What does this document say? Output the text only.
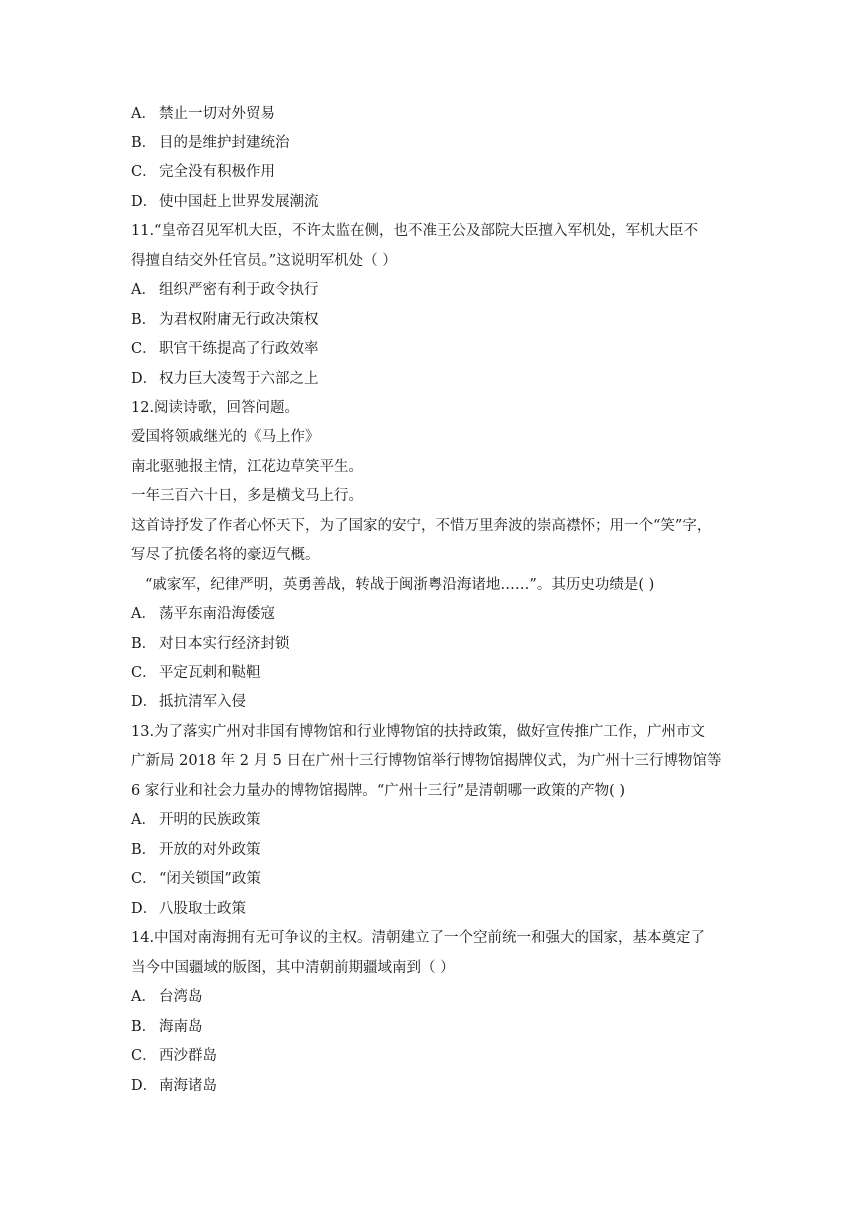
A． 禁止一切对外贸易
B． 目的是维护封建统治
C． 完全没有积极作用
D． 使中国赶上世界发展潮流
11.“皇帝召见军机大臣，不许太监在侧，也不准王公及部院大臣擅入军机处，军机大臣不
得擅自结交外任官员。”这说明军机处（ ）
A． 组织严密有利于政令执行
B． 为君权附庸无行政决策权
C． 职官干练提高了行政效率
D． 权力巨大凌驾于六部之上
12.阅读诗歌，回答问题。
爱国将领戚继光的《马上作》
南北驱驰报主情，江花边草笑平生。
一年三百六十日，多是横戈马上行。
这首诗抒发了作者心怀天下，为了国家的安宁，不惜万里奔波的崇高襟怀；用一个“笑”字，
写尽了抗倭名将的豪迈气概。
“戚家军，纪律严明，英勇善战，转战于闽浙粤沿海诸地……”。其历史功绩是( )
A． 荡平东南沿海倭寇
B． 对日本实行经济封锁
C． 平定瓦剌和鞑靼
D． 抵抗清军入侵
13.为了落实广州对非国有博物馆和行业博物馆的扶持政策，做好宣传推广工作，广州市文
广新局 2018 年 2 月 5 日在广州十三行博物馆举行博物馆揭牌仪式，为广州十三行博物馆等
6 家行业和社会力量办的博物馆揭牌。“广州十三行”是清朝哪一政策的产物( )
A． 开明的民族政策
B． 开放的对外政策
C． “闭关锁国”政策
D． 八股取士政策
14.中国对南海拥有无可争议的主权。清朝建立了一个空前统一和强大的国家，基本奠定了
当今中国疆域的版图，其中清朝前期疆域南到（ ）
A． 台湾岛
B． 海南岛
C． 西沙群岛
D． 南海诸岛
